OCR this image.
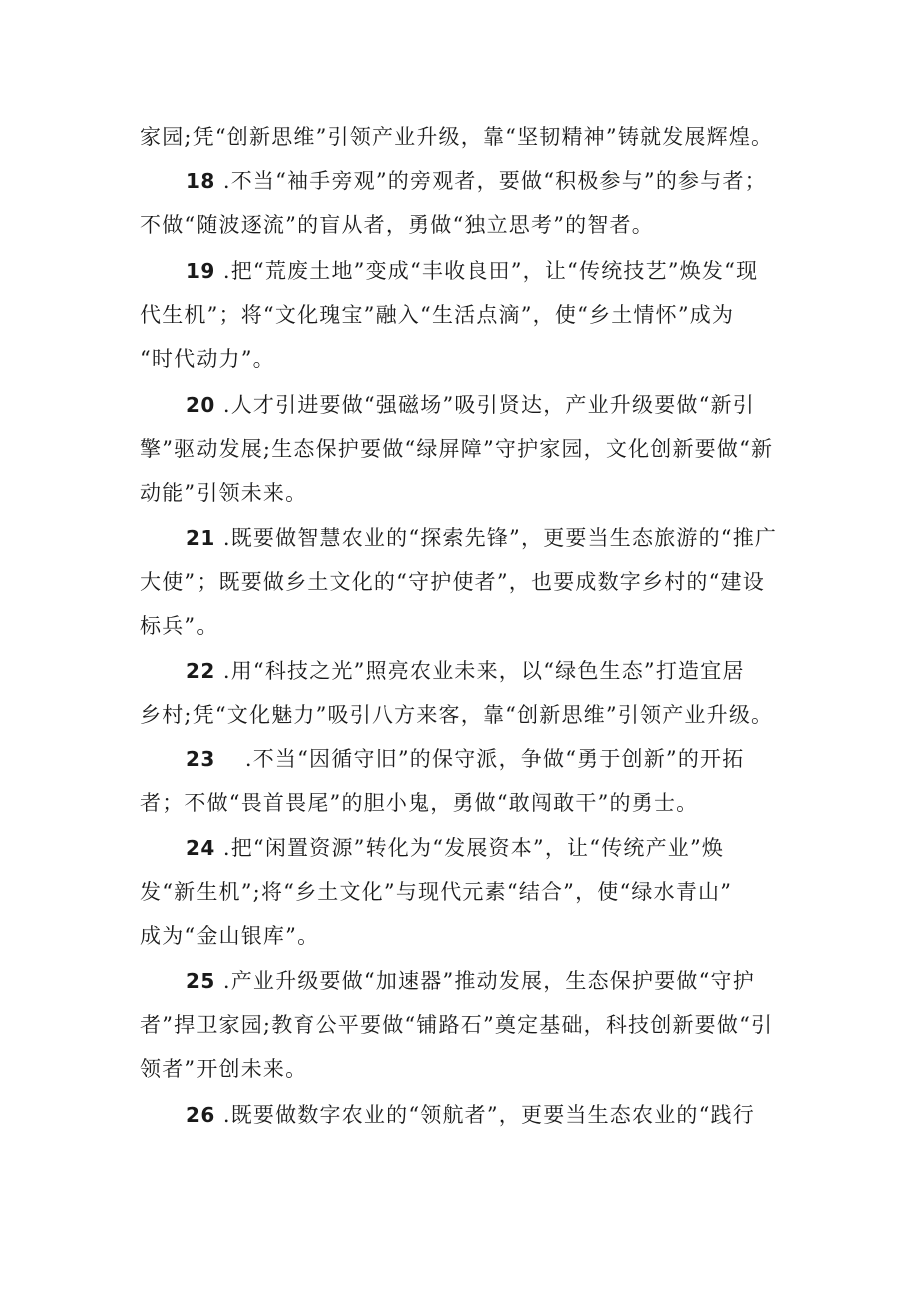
家园;凭“创新思维”引领产业升级，靠“坚韧精神”铸就发展辉煌。
18 .不当“袖手旁观”的旁观者，要做“积极参与”的参与者；
不做“随波逐流”的盲从者，勇做“独立思考”的智者。
19 .把“荒废土地”变成“丰收良田”，让“传统技艺”焕发“现
代生机”；将“文化瑰宝”融入“生活点滴”，使“乡土情怀”成为
“时代动力”。
20 .人才引进要做“强磁场”吸引贤达，产业升级要做“新引
擎”驱动发展;生态保护要做“绿屏障”守护家园，文化创新要做“新
动能”引领未来。
21 .既要做智慧农业的“探索先锋”，更要当生态旅游的“推广
大使”；既要做乡土文化的“守护使者”，也要成数字乡村的“建设
标兵”。
22 .用“科技之光”照亮农业未来，以“绿色生态”打造宜居
乡村;凭“文化魅力”吸引八方来客，靠“创新思维”引领产业升级。
23 .不当“因循守旧”的保守派，争做“勇于创新”的开拓
者；不做“畏首畏尾”的胆小鬼，勇做“敢闯敢干”的勇士。
24 .把“闲置资源”转化为“发展资本”，让“传统产业”焕
发“新生机”;将“乡土文化”与现代元素“结合”，使“绿水青山”
成为“金山银库”。
25 .产业升级要做“加速器”推动发展，生态保护要做“守护
者”捍卫家园;教育公平要做“铺路石”奠定基础，科技创新要做“引
领者”开创未来。
26 .既要做数字农业的“领航者”，更要当生态农业的“践行
